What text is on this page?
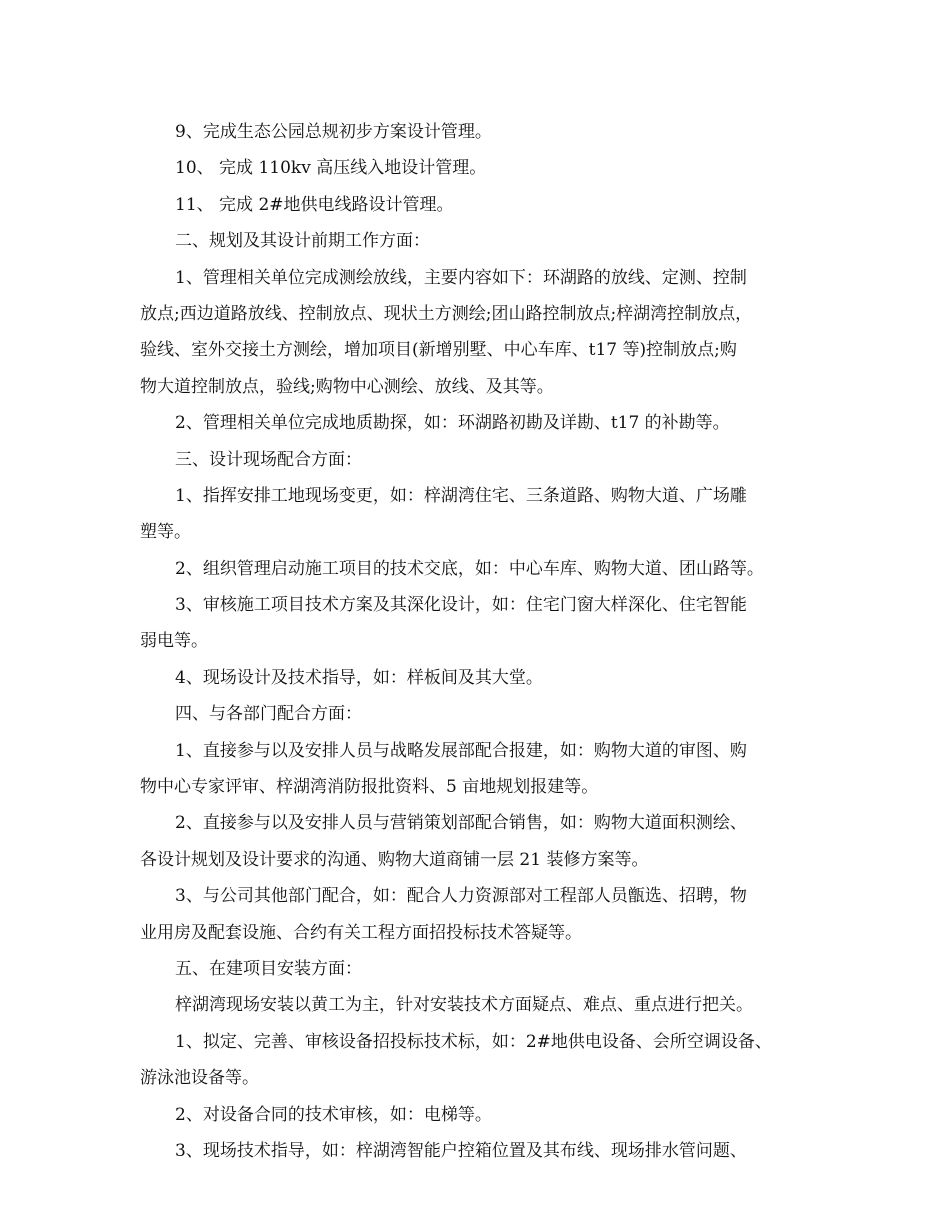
9、完成生态公园总规初步方案设计管理。
10、 完成 110kv 高压线入地设计管理。
11、 完成 2#地供电线路设计管理。
二、规划及其设计前期工作方面：
1、管理相关单位完成测绘放线，主要内容如下：环湖路的放线、定测、控制
放点;西边道路放线、控制放点、现状土方测绘;团山路控制放点;梓湖湾控制放点，
验线、室外交接土方测绘，增加项目(新增别墅、中心车库、t17 等)控制放点;购
物大道控制放点，验线;购物中心测绘、放线、及其等。
2、管理相关单位完成地质勘探，如：环湖路初勘及详勘、t17 的补勘等。
三、设计现场配合方面：
1、指挥安排工地现场变更，如：梓湖湾住宅、三条道路、购物大道、广场雕
塑等。
2、组织管理启动施工项目的技术交底，如：中心车库、购物大道、团山路等。
3、审核施工项目技术方案及其深化设计，如：住宅门窗大样深化、住宅智能
弱电等。
4、现场设计及技术指导，如：样板间及其大堂。
四、与各部门配合方面：
1、直接参与以及安排人员与战略发展部配合报建，如：购物大道的审图、购
物中心专家评审、梓湖湾消防报批资料、5 亩地规划报建等。
2、直接参与以及安排人员与营销策划部配合销售，如：购物大道面积测绘、
各设计规划及设计要求的沟通、购物大道商铺一层 21 装修方案等。
3、与公司其他部门配合，如：配合人力资源部对工程部人员甑选、招聘，物
业用房及配套设施、合约有关工程方面招投标技术答疑等。
五、在建项目安装方面：
梓湖湾现场安装以黄工为主，针对安装技术方面疑点、难点、重点进行把关。
1、拟定、完善、审核设备招投标技术标，如：2#地供电设备、会所空调设备、
游泳池设备等。
2、对设备合同的技术审核，如：电梯等。
3、现场技术指导，如：梓湖湾智能户控箱位置及其布线、现场排水管问题、
